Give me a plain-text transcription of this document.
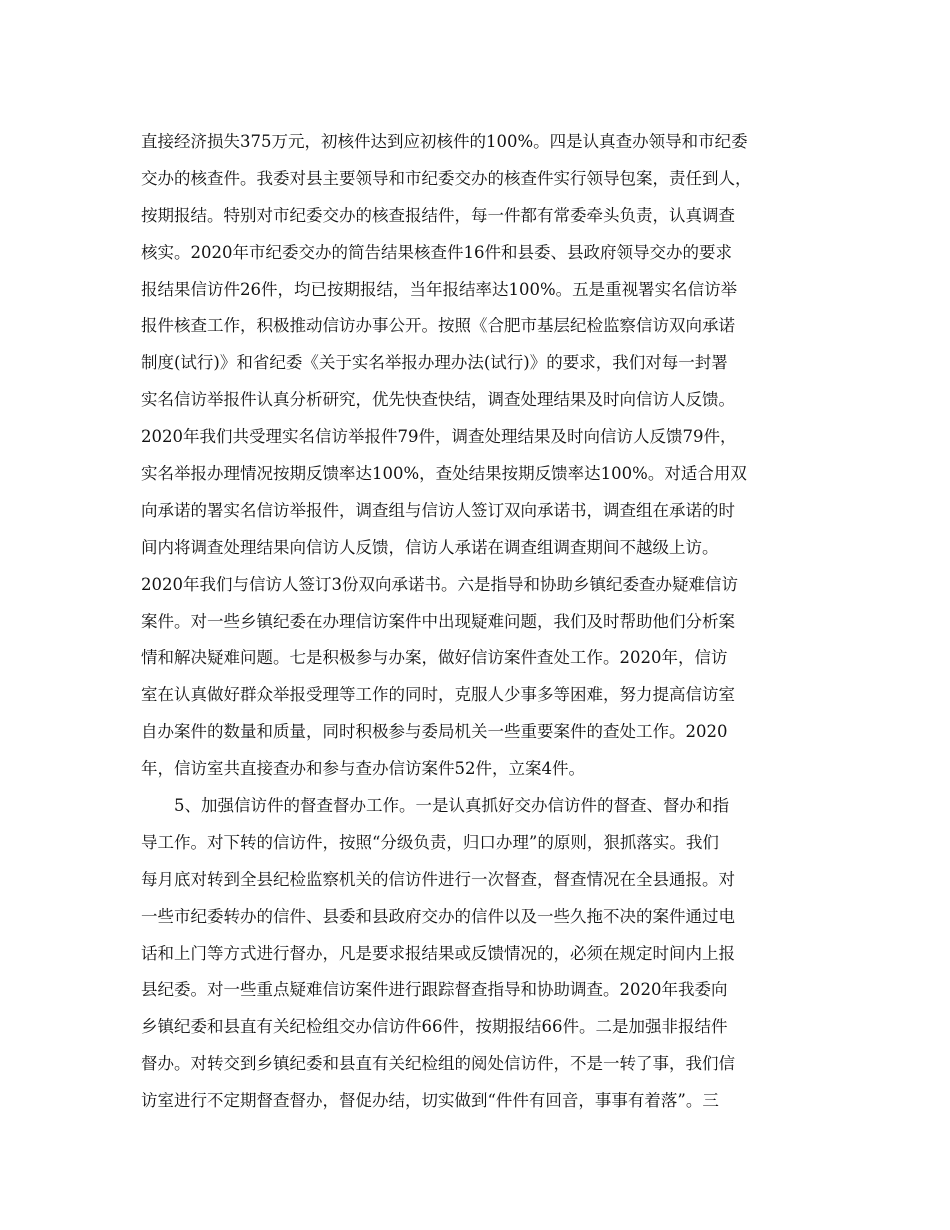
直接经济损失375万元，初核件达到应初核件的100%。四是认真查办领导和市纪委
交办的核查件。我委对县主要领导和市纪委交办的核查件实行领导包案，责任到人，
按期报结。特别对市纪委交办的核查报结件，每一件都有常委牵头负责，认真调查
核实。2020年市纪委交办的简告结果核查件16件和县委、县政府领导交办的要求
报结果信访件26件，均已按期报结，当年报结率达100%。五是重视署实名信访举
报件核查工作，积极推动信访办事公开。按照《合肥市基层纪检监察信访双向承诺
制度(试行)》和省纪委《关于实名举报办理办法(试行)》的要求，我们对每一封署
实名信访举报件认真分析研究，优先快查快结，调查处理结果及时向信访人反馈。
2020年我们共受理实名信访举报件79件，调查处理结果及时向信访人反馈79件，
实名举报办理情况按期反馈率达100%，查处结果按期反馈率达100%。对适合用双
向承诺的署实名信访举报件，调查组与信访人签订双向承诺书，调查组在承诺的时
间内将调查处理结果向信访人反馈，信访人承诺在调查组调查期间不越级上访。
2020年我们与信访人签订3份双向承诺书。六是指导和协助乡镇纪委查办疑难信访
案件。对一些乡镇纪委在办理信访案件中出现疑难问题，我们及时帮助他们分析案
情和解决疑难问题。七是积极参与办案，做好信访案件查处工作。2020年，信访
室在认真做好群众举报受理等工作的同时，克服人少事多等困难，努力提高信访室
自办案件的数量和质量，同时积极参与委局机关一些重要案件的查处工作。2020
年，信访室共直接查办和参与查办信访案件52件，立案4件。
5、加强信访件的督查督办工作。一是认真抓好交办信访件的督查、督办和指
导工作。对下转的信访件，按照“分级负责，归口办理”的原则，狠抓落实。我们
每月底对转到全县纪检监察机关的信访件进行一次督查，督查情况在全县通报。对
一些市纪委转办的信件、县委和县政府交办的信件以及一些久拖不决的案件通过电
话和上门等方式进行督办，凡是要求报结果或反馈情况的，必须在规定时间内上报
县纪委。对一些重点疑难信访案件进行跟踪督查指导和协助调查。2020年我委向
乡镇纪委和县直有关纪检组交办信访件66件，按期报结66件。二是加强非报结件
督办。对转交到乡镇纪委和县直有关纪检组的阅处信访件，不是一转了事，我们信
访室进行不定期督查督办，督促办结，切实做到“件件有回音，事事有着落”。三
